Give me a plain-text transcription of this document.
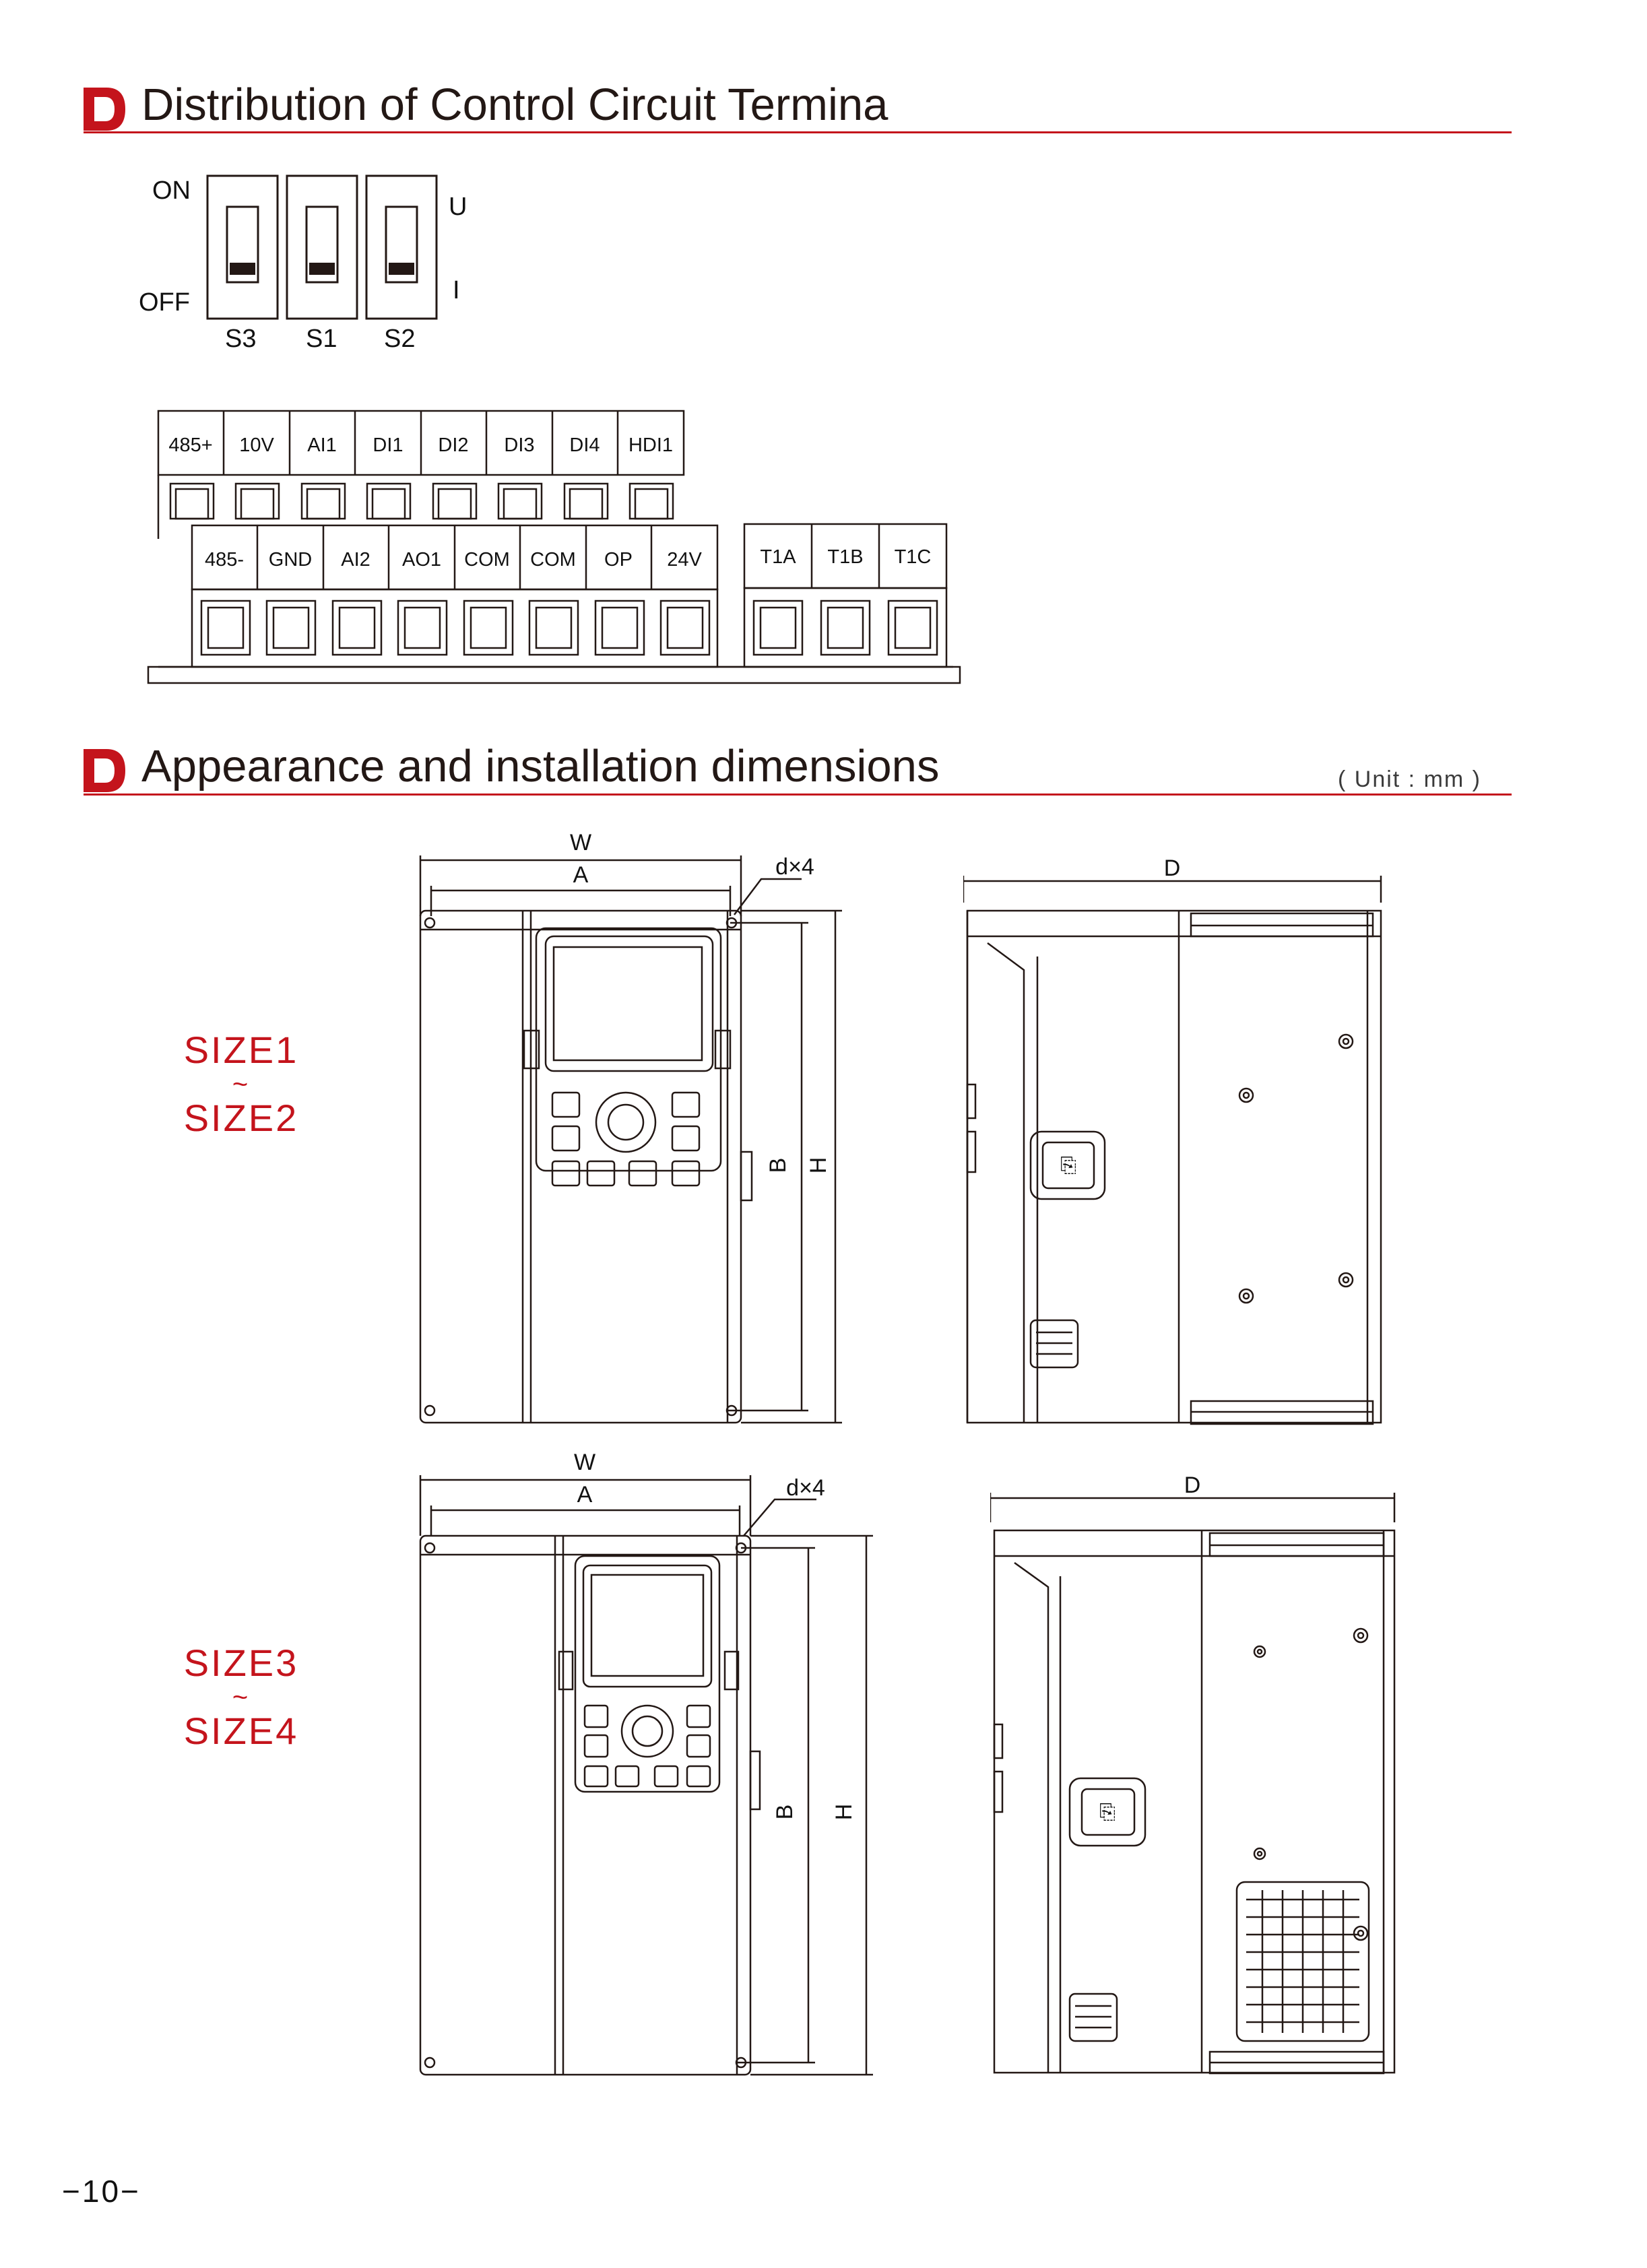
Distribution of Control Circuit Termina
ON
OFF
U
I
S3 S1 S2
485+ 10V AI1 DI1 DI2 DI3 DI4 HDI1
485- GND AI2 AO1 COM COM OP 24V	T1A T1B T1C
Appearance and installation dimensions	( Unit : mm )
SIZE1
~
SIZE2
SIZE3
~
SIZE4
W
A	d×4
B H	⎘
D
W
A	d×4
B H	⎘
D
−10−
